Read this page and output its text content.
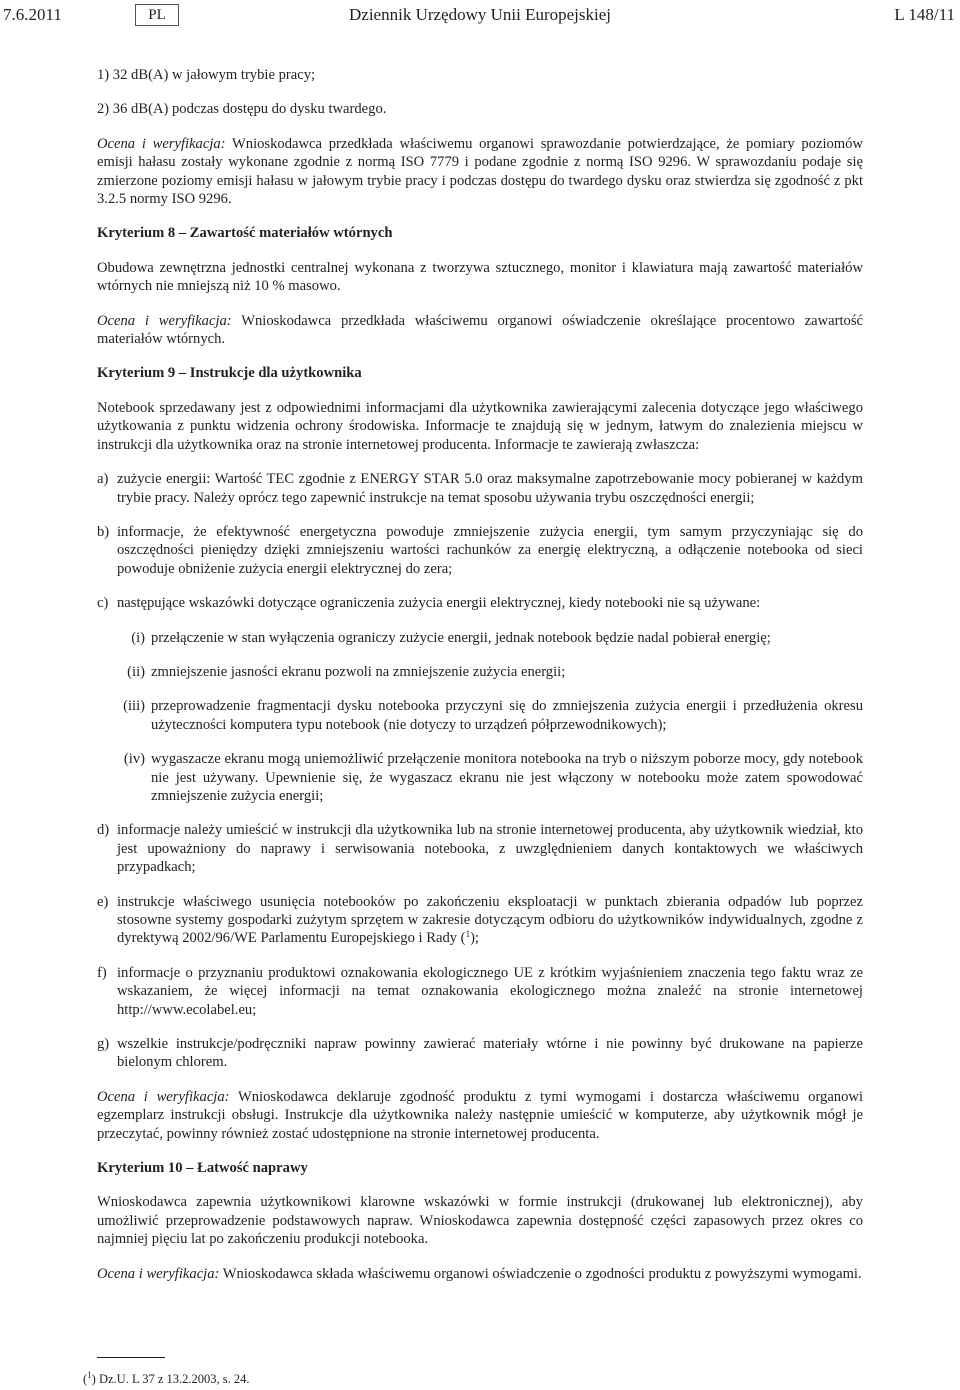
7.6.2011	PL	Dziennik Urzędowy Unii Europejskiej	L 148/11
1) 32 dB(A) w jałowym trybie pracy;
2) 36 dB(A) podczas dostępu do dysku twardego.

Ocena i weryfikacja: Wnioskodawca przedkłada właściwemu organowi sprawozdanie potwierdzające, że pomiary poziomów emisji hałasu zostały wykonane zgodnie z normą ISO 7779 i podane zgodnie z normą ISO 9296. W sprawozdaniu podaje się zmierzone poziomy emisji hałasu w jałowym trybie pracy i podczas dostępu do twardego dysku oraz stwierdza się zgodność z pkt 3.2.5 normy ISO 9296.

Kryterium 8 – Zawartość materiałów wtórnych

Obudowa zewnętrzna jednostki centralnej wykonana z tworzywa sztucznego, monitor i klawiatura mają zawartość materiałów wtórnych nie mniejszą niż 10 % masowo.

Ocena i weryfikacja: Wnioskodawca przedkłada właściwemu organowi oświadczenie określające procentowo zawartość materiałów wtórnych.

Kryterium 9 – Instrukcje dla użytkownika

Notebook sprzedawany jest z odpowiednimi informacjami dla użytkownika zawierającymi zalecenia dotyczące jego właściwego użytkowania z punktu widzenia ochrony środowiska. Informacje te znajdują się w jednym, łatwym do znalezienia miejscu w instrukcji dla użytkownika oraz na stronie internetowej producenta. Informacje te zawierają zwłaszcza:

a) zużycie energii: Wartość TEC zgodnie z ENERGY STAR 5.0 oraz maksymalne zapotrzebowanie mocy pobieranej w każdym trybie pracy. Należy oprócz tego zapewnić instrukcje na temat sposobu używania trybu oszczędności energii;
b) informacje, że efektywność energetyczna powoduje zmniejszenie zużycia energii, tym samym przyczyniając się do oszczędności pieniędzy dzięki zmniejszeniu wartości rachunków za energię elektryczną, a odłączenie notebooka od sieci powoduje obniżenie zużycia energii elektrycznej do zera;
c) następujące wskazówki dotyczące ograniczenia zużycia energii elektrycznej, kiedy notebooki nie są używane:
(i) przełączenie w stan wyłączenia ograniczy zużycie energii, jednak notebook będzie nadal pobierał energię;
(ii) zmniejszenie jasności ekranu pozwoli na zmniejszenie zużycia energii;
(iii) przeprowadzenie fragmentacji dysku notebooka przyczyni się do zmniejszenia zużycia energii i przedłużenia okresu użyteczności komputera typu notebook (nie dotyczy to urządzeń półprzewodnikowych);
(iv) wygaszacze ekranu mogą uniemożliwić przełączenie monitora notebooka na tryb o niższym poborze mocy, gdy notebook nie jest używany. Upewnienie się, że wygaszacz ekranu nie jest włączony w notebooku może zatem spowodować zmniejszenie zużycia energii;
d) informacje należy umieścić w instrukcji dla użytkownika lub na stronie internetowej producenta, aby użytkownik wiedział, kto jest upoważniony do naprawy i serwisowania notebooka, z uwzględnieniem danych kontaktowych we właściwych przypadkach;
e) instrukcje właściwego usunięcia notebooków po zakończeniu eksploatacji w punktach zbierania odpadów lub poprzez stosowne systemy gospodarki zużytym sprzętem w zakresie dotyczącym odbioru do użytkowników indywidualnych, zgodne z dyrektywą 2002/96/WE Parlamentu Europejskiego i Rady ($^1$);
f) informacje o przyznaniu produktowi oznakowania ekologicznego UE z krótkim wyjaśnieniem znaczenia tego faktu wraz ze wskazaniem, że więcej informacji na temat oznakowania ekologicznego można znaleźć na stronie internetowej http://www.ecolabel.eu;
g) wszelkie instrukcje/podręczniki napraw powinny zawierać materiały wtórne i nie powinny być drukowane na papierze bielonym chlorem.

Ocena i weryfikacja: Wnioskodawca deklaruje zgodność produktu z tymi wymogami i dostarcza właściwemu organowi egzemplarz instrukcji obsługi. Instrukcje dla użytkownika należy następnie umieścić w komputerze, aby użytkownik mógł je przeczytać, powinny również zostać udostępnione na stronie internetowej producenta.

Kryterium 10 – Łatwość naprawy

Wnioskodawca zapewnia użytkownikowi klarowne wskazówki w formie instrukcji (drukowanej lub elektronicznej), aby umożliwić przeprowadzenie podstawowych napraw. Wnioskodawca zapewnia dostępność części zapasowych przez okres co najmniej pięciu lat po zakończeniu produkcji notebooka.

Ocena i weryfikacja: Wnioskodawca składa właściwemu organowi oświadczenie o zgodności produktu z powyższymi wymogami.

($^1$) Dz.U. L 37 z 13.2.2003, s. 24.
